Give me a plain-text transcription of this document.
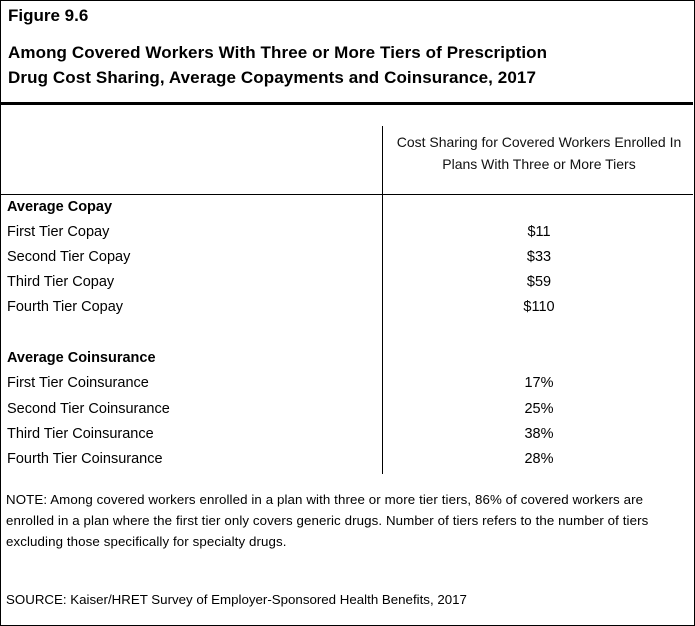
Figure 9.6
Among Covered Workers With Three or More Tiers of Prescription
Drug Cost Sharing, Average Copayments and Coinsurance, 2017
Cost Sharing for Covered Workers Enrolled In Plans With Three or More Tiers
Average Copay
First Tier Copay	$11
Second Tier Copay	$33
Third Tier Copay	$59
Fourth Tier Copay	$110
Average Coinsurance
First Tier Coinsurance	17%
Second Tier Coinsurance	25%
Third Tier Coinsurance	38%
Fourth Tier Coinsurance	28%
NOTE: Among covered workers enrolled in a plan with three or more tier tiers, 86% of covered workers are enrolled in a plan where the first tier only covers generic drugs. Number of tiers refers to the number of tiers excluding those specifically for specialty drugs.
SOURCE: Kaiser/HRET Survey of Employer-Sponsored Health Benefits, 2017
